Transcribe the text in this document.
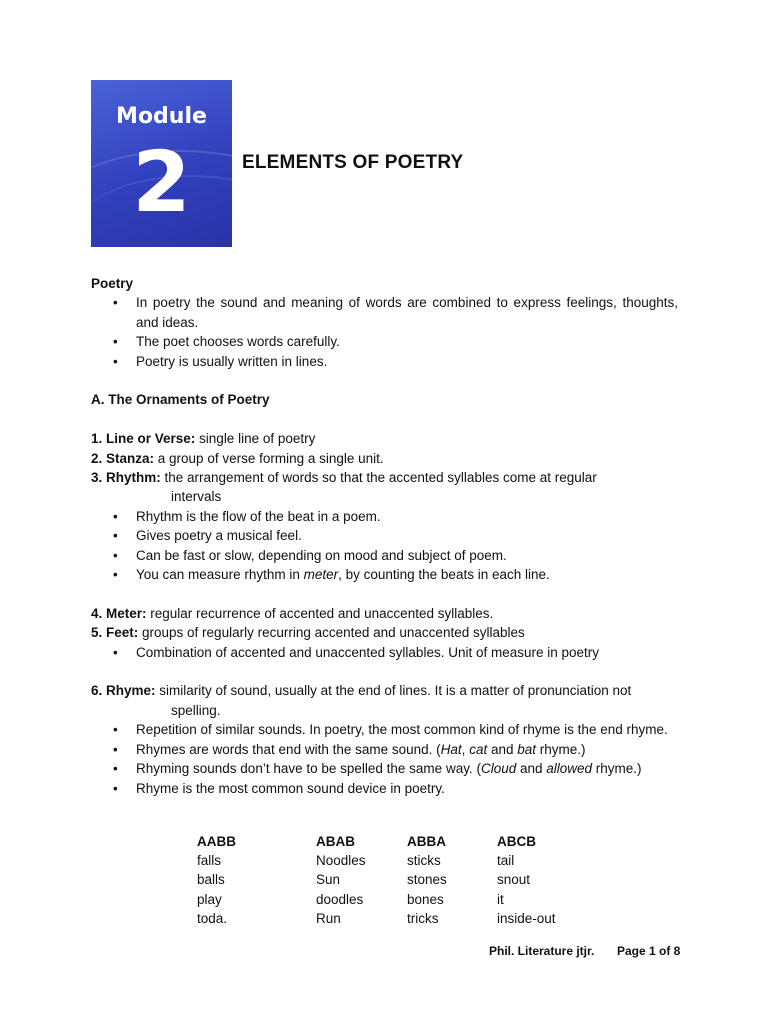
Module
2	ELEMENTS OF POETRY

Poetry

• In poetry the sound and meaning of words are combined to express feelings, thoughts, and ideas.
• The poet chooses words carefully.
• Poetry is usually written in lines.

A. The Ornaments of Poetry

1. Line or Verse: single line of poetry

2. Stanza: a group of verse forming a single unit.

3. Rhythm: the arrangement of words so that the accented syllables come at regular

intervals

• Rhythm is the flow of the beat in a poem.
• Gives poetry a musical feel.
• Can be fast or slow, depending on mood and subject of poem.
• You can measure rhythm in meter, by counting the beats in each line.

4. Meter: regular recurrence of accented and unaccented syllables.

5. Feet: groups of regularly recurring accented and unaccented syllables

• Combination of accented and unaccented syllables. Unit of measure in poetry

6. Rhyme: similarity of sound, usually at the end of lines. It is a matter of pronunciation not

spelling.

• Repetition of similar sounds. In poetry, the most common kind of rhyme is the end rhyme.
• Rhymes are words that end with the same sound. (Hat, cat and bat rhyme.)
• Rhyming sounds don’t have to be spelled the same way. (Cloud and allowed rhyme.)
• Rhyme is the most common sound device in poetry.
AABB
falls
balls
play
toda.
ABAB
Noodles
Sun
doodles
Run
ABBA
sticks
stones
bones
tricks
ABCB
tail
snout
it
inside-out
Phil. Literature jtjr. Page 1 of 8
